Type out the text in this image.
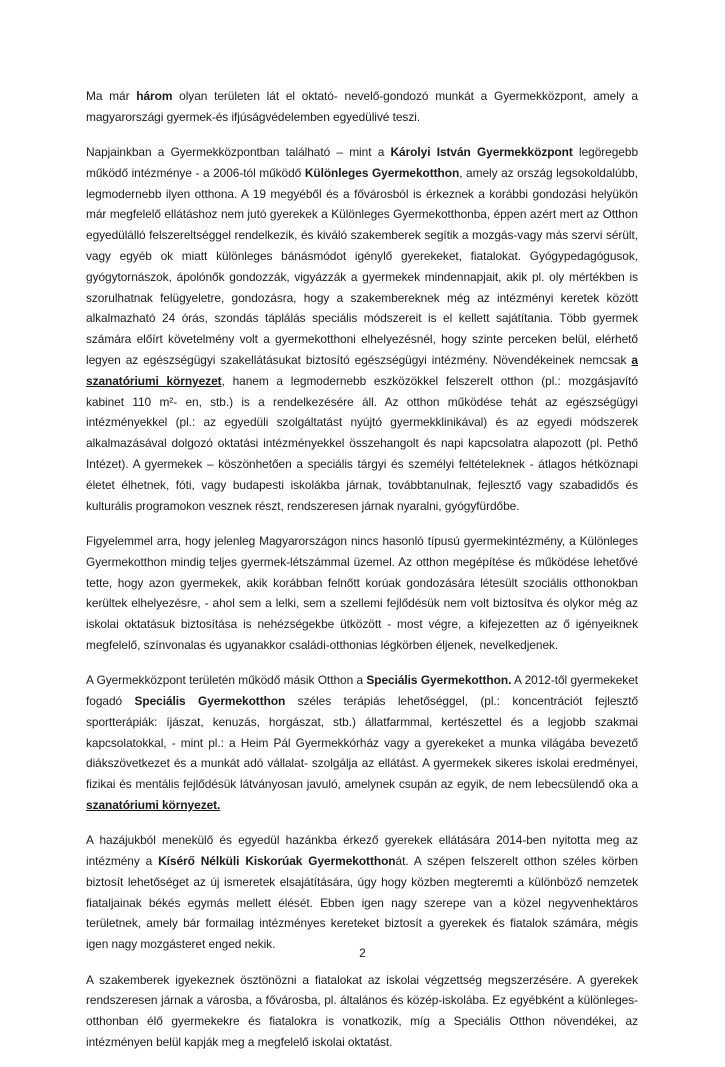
Ma már három olyan területen lát el oktató- nevelő-gondozó munkát a Gyermekközpont, amely a magyarországi gyermek-és ifjúságvédelemben egyedülivé teszi.

Napjainkban a Gyermekközpontban található – mint a Károlyi István Gyermekközpont legöregebb működő intézménye - a 2006-tól működő Különleges Gyermekotthon, amely az ország legsokoldalúbb, legmodernebb ilyen otthona. A 19 megyéből és a fővárosból is érkeznek a korábbi gondozási helyükön már megfelelő ellátáshoz nem jutó gyerekek a Különleges Gyermekotthonba, éppen azért mert az Otthon egyedülálló felszereltséggel rendelkezik, és kiváló szakemberek segítik a mozgás-vagy más szervi sérült, vagy egyéb ok miatt különleges bánásmódot igénylő gyerekeket, fiatalokat. Gyógypedagógusok, gyógytornászok, ápolónők gondozzák, vigyázzák a gyermekek mindennapjait, akik pl. oly mértékben is szorulhatnak felügyeletre, gondozásra, hogy a szakembereknek még az intézményi keretek között alkalmazható 24 órás, szondás táplálás speciális módszereit is el kellett sajátítania. Több gyermek számára előírt követelmény volt a gyermekotthoni elhelyezésnél, hogy szinte perceken belül, elérhető legyen az egészségügyi szakellátásukat biztosító egészségügyi intézmény. Növendékeinek nemcsak a szanatóriumi környezet, hanem a legmodernebb eszközökkel felszerelt otthon (pl.: mozgásjavító kabinet 110 m²- en, stb.) is a rendelkezésére áll. Az otthon működése tehát az egészségügyi intézményekkel (pl.: az egyedüli szolgáltatást nyújtó gyermekklinikával) és az egyedi módszerek alkalmazásával dolgozó oktatási intézményekkel összehangolt és napi kapcsolatra alapozott (pl. Pethő Intézet). A gyermekek – köszönhetően a speciális tárgyi és személyi feltételeknek - átlagos hétköznapi életet élhetnek, fóti, vagy budapesti iskolákba járnak, továbbtanulnak, fejlesztő vagy szabadidős és kulturális programokon vesznek részt, rendszeresen járnak nyaralni, gyógyfürdőbe.

Figyelemmel arra, hogy jelenleg Magyarországon nincs hasonló típusú gyermekintézmény, a Különleges Gyermekotthon mindig teljes gyermek-létszámmal üzemel. Az otthon megépítése és működése lehetővé tette, hogy azon gyermekek, akik korábban felnőtt korúak gondozására létesült szociális otthonokban kerültek elhelyezésre, - ahol sem a lelki, sem a szellemi fejlődésük nem volt biztosítva és olykor még az iskolai oktatásuk biztosítása is nehézségekbe ütközött - most végre, a kifejezetten az ő igényeiknek megfelelő, színvonalas és ugyanakkor családi-otthonias légkörben éljenek, nevelkedjenek.

A Gyermekközpont területén működő másik Otthon a Speciális Gyermekotthon. A 2012-től gyermekeket fogadó Speciális Gyermekotthon széles terápiás lehetőséggel, (pl.: koncentrációt fejlesztő sportterápiák: íjászat, kenuzás, horgászat, stb.) állatfarmmal, kertészettel és a legjobb szakmai kapcsolatokkal, - mint pl.: a Heim Pál Gyermekkórház vagy a gyerekeket a munka világába bevezető diákszövetkezet és a munkát adó vállalat- szolgálja az ellátást. A gyermekek sikeres iskolai eredményei, fizikai és mentális fejlődésük látványosan javuló, amelynek csupán az egyik, de nem lebecsülendő oka a szanatóriumi környezet.

A hazájukból menekülő és egyedül hazánkba érkező gyerekek ellátására 2014-ben nyitotta meg az intézmény a Kísérő Nélküli Kiskorúak Gyermekotthonát. A szépen felszerelt otthon széles körben biztosít lehetőséget az új ismeretek elsajátítására, úgy hogy közben megteremti a különböző nemzetek fiataljainak békés egymás mellett élését. Ebben igen nagy szerepe van a közel negyvenhektáros területnek, amely bár formailag intézményes kereteket biztosít a gyerekek és fiatalok számára, mégis igen nagy mozgásteret enged nekik.

A szakemberek igyekeznek ösztönözni a fiatalokat az iskolai végzettség megszerzésére. A gyerekek rendszeresen járnak a városba, a fővárosba, pl. általános és közép-iskolába. Ez egyébként a különleges-otthonban élő gyermekekre és fiatalokra is vonatkozik, míg a Speciális Otthon növendékei, az intézményen belül kapják meg a megfelelő iskolai oktatást.

2
